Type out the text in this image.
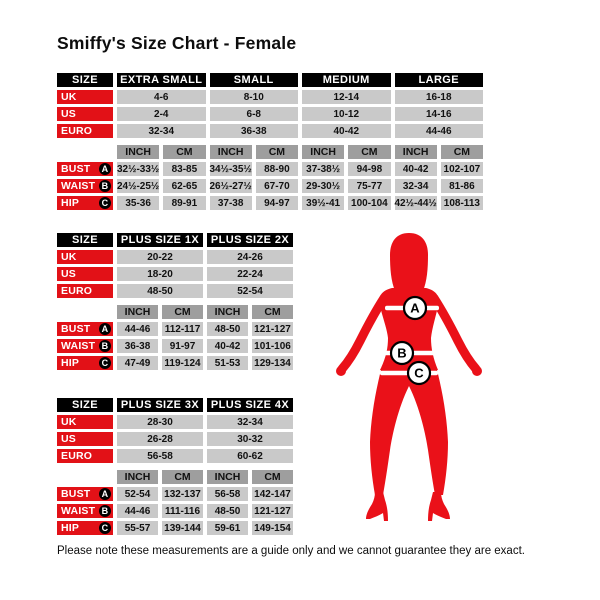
Smiffy's Size Chart - Female
SIZE	EXTRA SMALL	SMALL	MEDIUM	LARGE
UK	4-6	8-10	12-14	16-18
US	2-4	6-8	10-12	14-16
EURO	32-34	36-38	40-42	44-46
INCH	CM	INCH	CM	INCH	CM	INCH	CM
BUST A 32½-33½	83-85	34½-35½	88-90	37-38½	94-98	40-42	102-107
WAIST B 24½-25½	62-65	26½-27½	67-70	29-30½	75-77	32-34	81-86
HIP	C	35-36	89-91	37-38	94-97	39½-41	100-104 42½-44½ 108-113
SIZE	PLUS SIZE 1X	PLUS SIZE 2X
UK	20-22	24-26
US	18-20	22-24
EURO	48-50	52-54
INCH	CM	INCH	CM
BUST A	44-46	112-117	48-50	121-127
WAIST B	36-38	91-97	40-42	101-106
HIP	C	47-49	119-124	51-53	129-134
SIZE	PLUS SIZE 3X	PLUS SIZE 4X
UK	28-30	32-34
US	26-28	30-32
EURO	56-58	60-62
INCH	CM	INCH	CM
BUST A	52-54	132-137	56-58	142-147
WAIST B	44-46	111-116	48-50	121-127
HIP	C	55-57	139-144	59-61	149-154
A
B
C

Please note these measurements are a guide only and we cannot guarantee they are exact.
